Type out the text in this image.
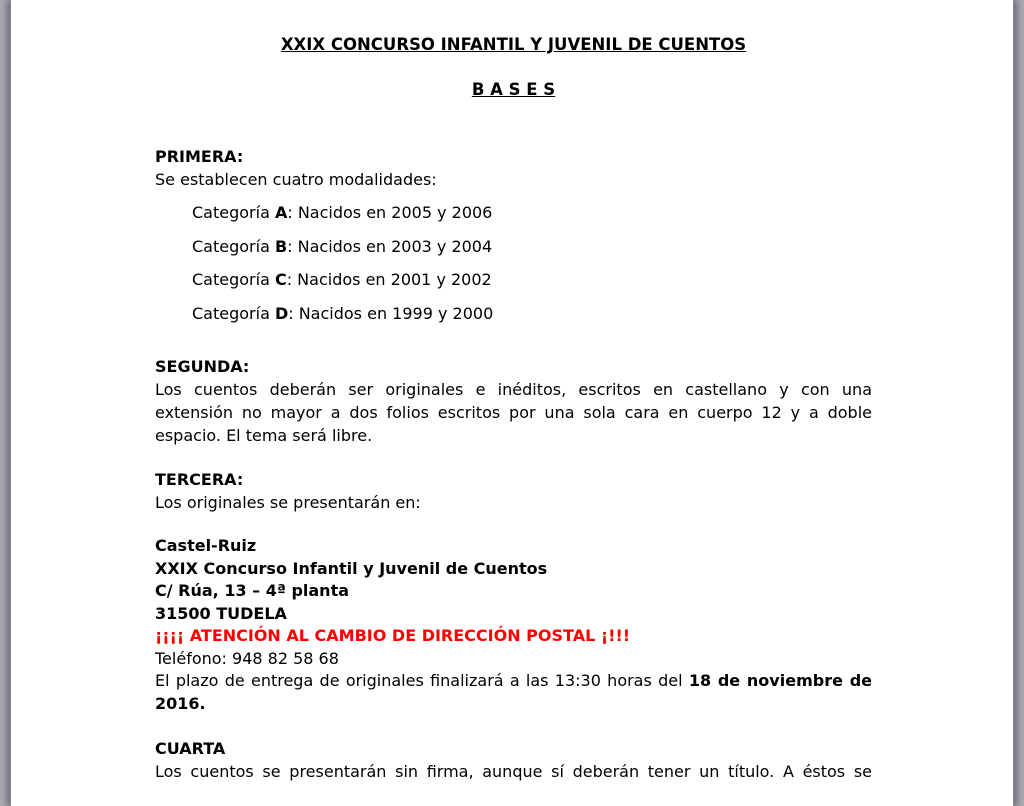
XXIX CONCURSO INFANTIL Y JUVENIL DE CUENTOS
B A S E S
PRIMERA:
Se establecen cuatro modalidades:
Categoría A: Nacidos en 2005 y 2006
Categoría B: Nacidos en 2003 y 2004
Categoría C: Nacidos en 2001 y 2002
Categoría D: Nacidos en 1999 y 2000
SEGUNDA:
Los cuentos deberán ser originales e inéditos, escritos en castellano y con una
extensión no mayor a dos folios escritos por una sola cara en cuerpo 12 y a doble
espacio. El tema será libre.
TERCERA:
Los originales se presentarán en:
Castel-Ruiz
XXIX Concurso Infantil y Juvenil de Cuentos
C/ Rúa, 13 – 4ª planta
31500 TUDELA
¡¡¡¡ ATENCIÓN AL CAMBIO DE DIRECCIÓN POSTAL ¡!!!
Teléfono: 948 82 58 68
El plazo de entrega de originales finalizará a las 13:30 horas del 18 de noviembre de
2016.
CUARTA
Los cuentos se presentarán sin firma, aunque sí deberán tener un título. A éstos se
